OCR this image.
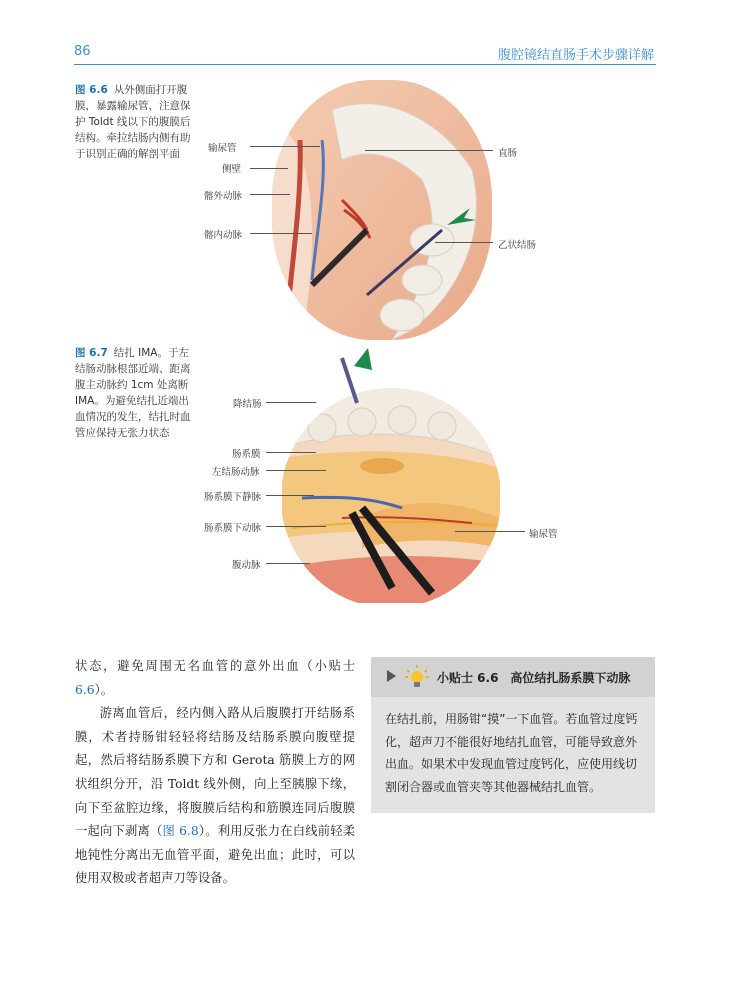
86	腹腔镜结直肠手术步骤详解
图 6.6 从外侧面打开腹膜，暴露输尿管，注意保护 Toldt 线以下的腹膜后结构。牵拉结肠内侧有助于识别正确的解剖平面	输尿管
侧壁
髂外动脉
髂内动脉
直肠
乙状结肠
图 6.7 结扎 IMA。于左结肠动脉根部近端、距离腹主动脉约 1cm 处离断 IMA。为避免结扎近端出血情况的发生，结扎时血管应保持无张力状态
降结肠
肠系膜
左结肠动脉
肠系膜下静脉
肠系膜下动脉
腹动脉
输尿管

状态，避免周围无名血管的意外出血（小贴士6.6）。

游离血管后，经内侧入路从后腹膜打开结肠系膜，术者持肠钳轻轻将结肠及结肠系膜向腹壁提起，然后将结肠系膜下方和 Gerota 筋膜上方的网状组织分开，沿 Toldt 线外侧，向上至胰腺下缘，向下至盆腔边缘，将腹膜后结构和筋膜连同后腹膜一起向下剥离（图 6.8）。利用反张力在白线前轻柔地钝性分离出无血管平面，避免出血；此时，可以使用双极或者超声刀等设备。

小贴士 6.6　高位结扎肠系膜下动脉
在结扎前，用肠钳“摸”一下血管。若血管过度钙化，超声刀不能很好地结扎血管，可能导致意外出血。如果术中发现血管过度钙化，应使用线切割闭合器或血管夹等其他器械结扎血管。
